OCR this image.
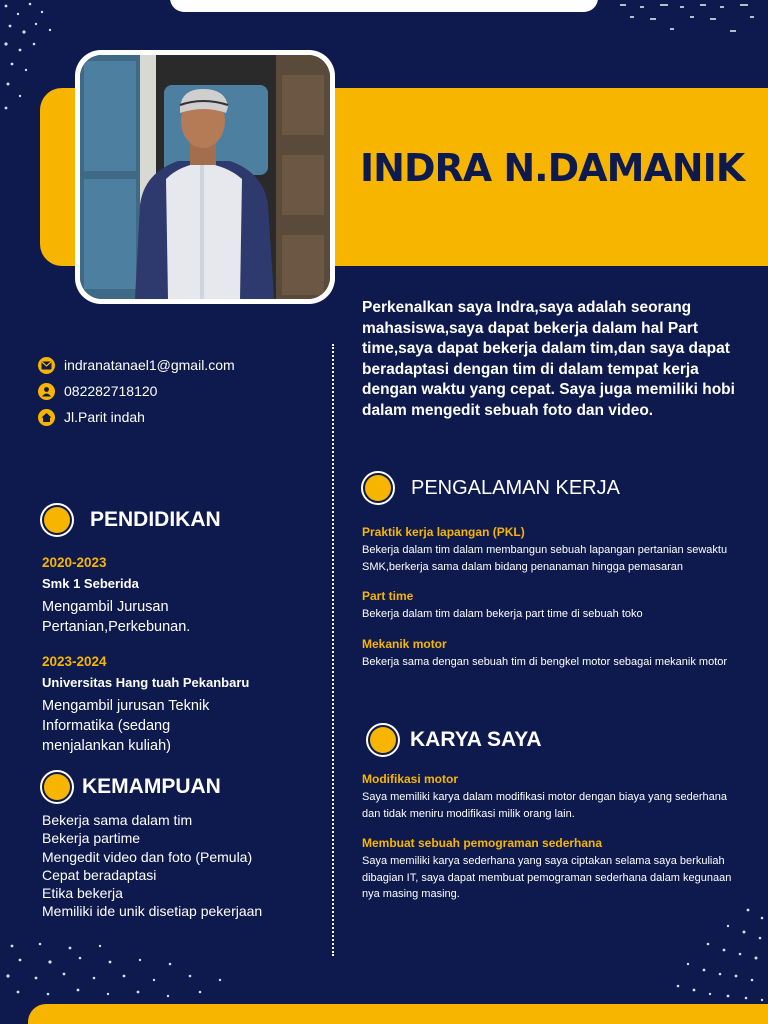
INDRA N.DAMANIK
Perkenalkan saya Indra,saya adalah seorang mahasiswa,saya dapat bekerja dalam hal Part time,saya dapat bekerja dalam tim,dan saya dapat beradaptasi dengan tim di dalam tempat kerja dengan waktu yang cepat. Saya juga memiliki hobi dalam mengedit sebuah foto dan video.
indranatanael1@gmail.com
082282718120
Jl.Parit indah
PENDIDIKAN
2020-2023
Smk 1 Seberida
Mengambil Jurusan Pertanian,Perkebunan.
2023-2024
Universitas Hang tuah Pekanbaru
Mengambil jurusan Teknik Informatika (sedang menjalankan kuliah)
KEMAMPUAN
Bekerja sama dalam tim
Bekerja partime
Mengedit video dan foto (Pemula)
Cepat beradaptasi
Etika bekerja
Memiliki ide unik disetiap pekerjaan
PENGALAMAN KERJA
Praktik kerja lapangan (PKL)
Bekerja dalam tim dalam membangun sebuah lapangan pertanian sewaktu SMK,berkerja sama dalam bidang penanaman hingga pemasaran
Part time
Bekerja dalam tim dalam bekerja part time di sebuah toko
Mekanik motor
Bekerja sama dengan sebuah tim di bengkel motor sebagai mekanik motor
KARYA SAYA
Modifikasi motor
Saya memiliki karya dalam modifikasi motor dengan biaya yang sederhana dan tidak meniru modifikasi milik orang lain.
Membuat sebuah pemograman sederhana
Saya memiliki karya sederhana yang saya ciptakan selama saya berkuliah dibagian IT, saya dapat membuat pemograman sederhana dalam kegunaan nya masing masing.
